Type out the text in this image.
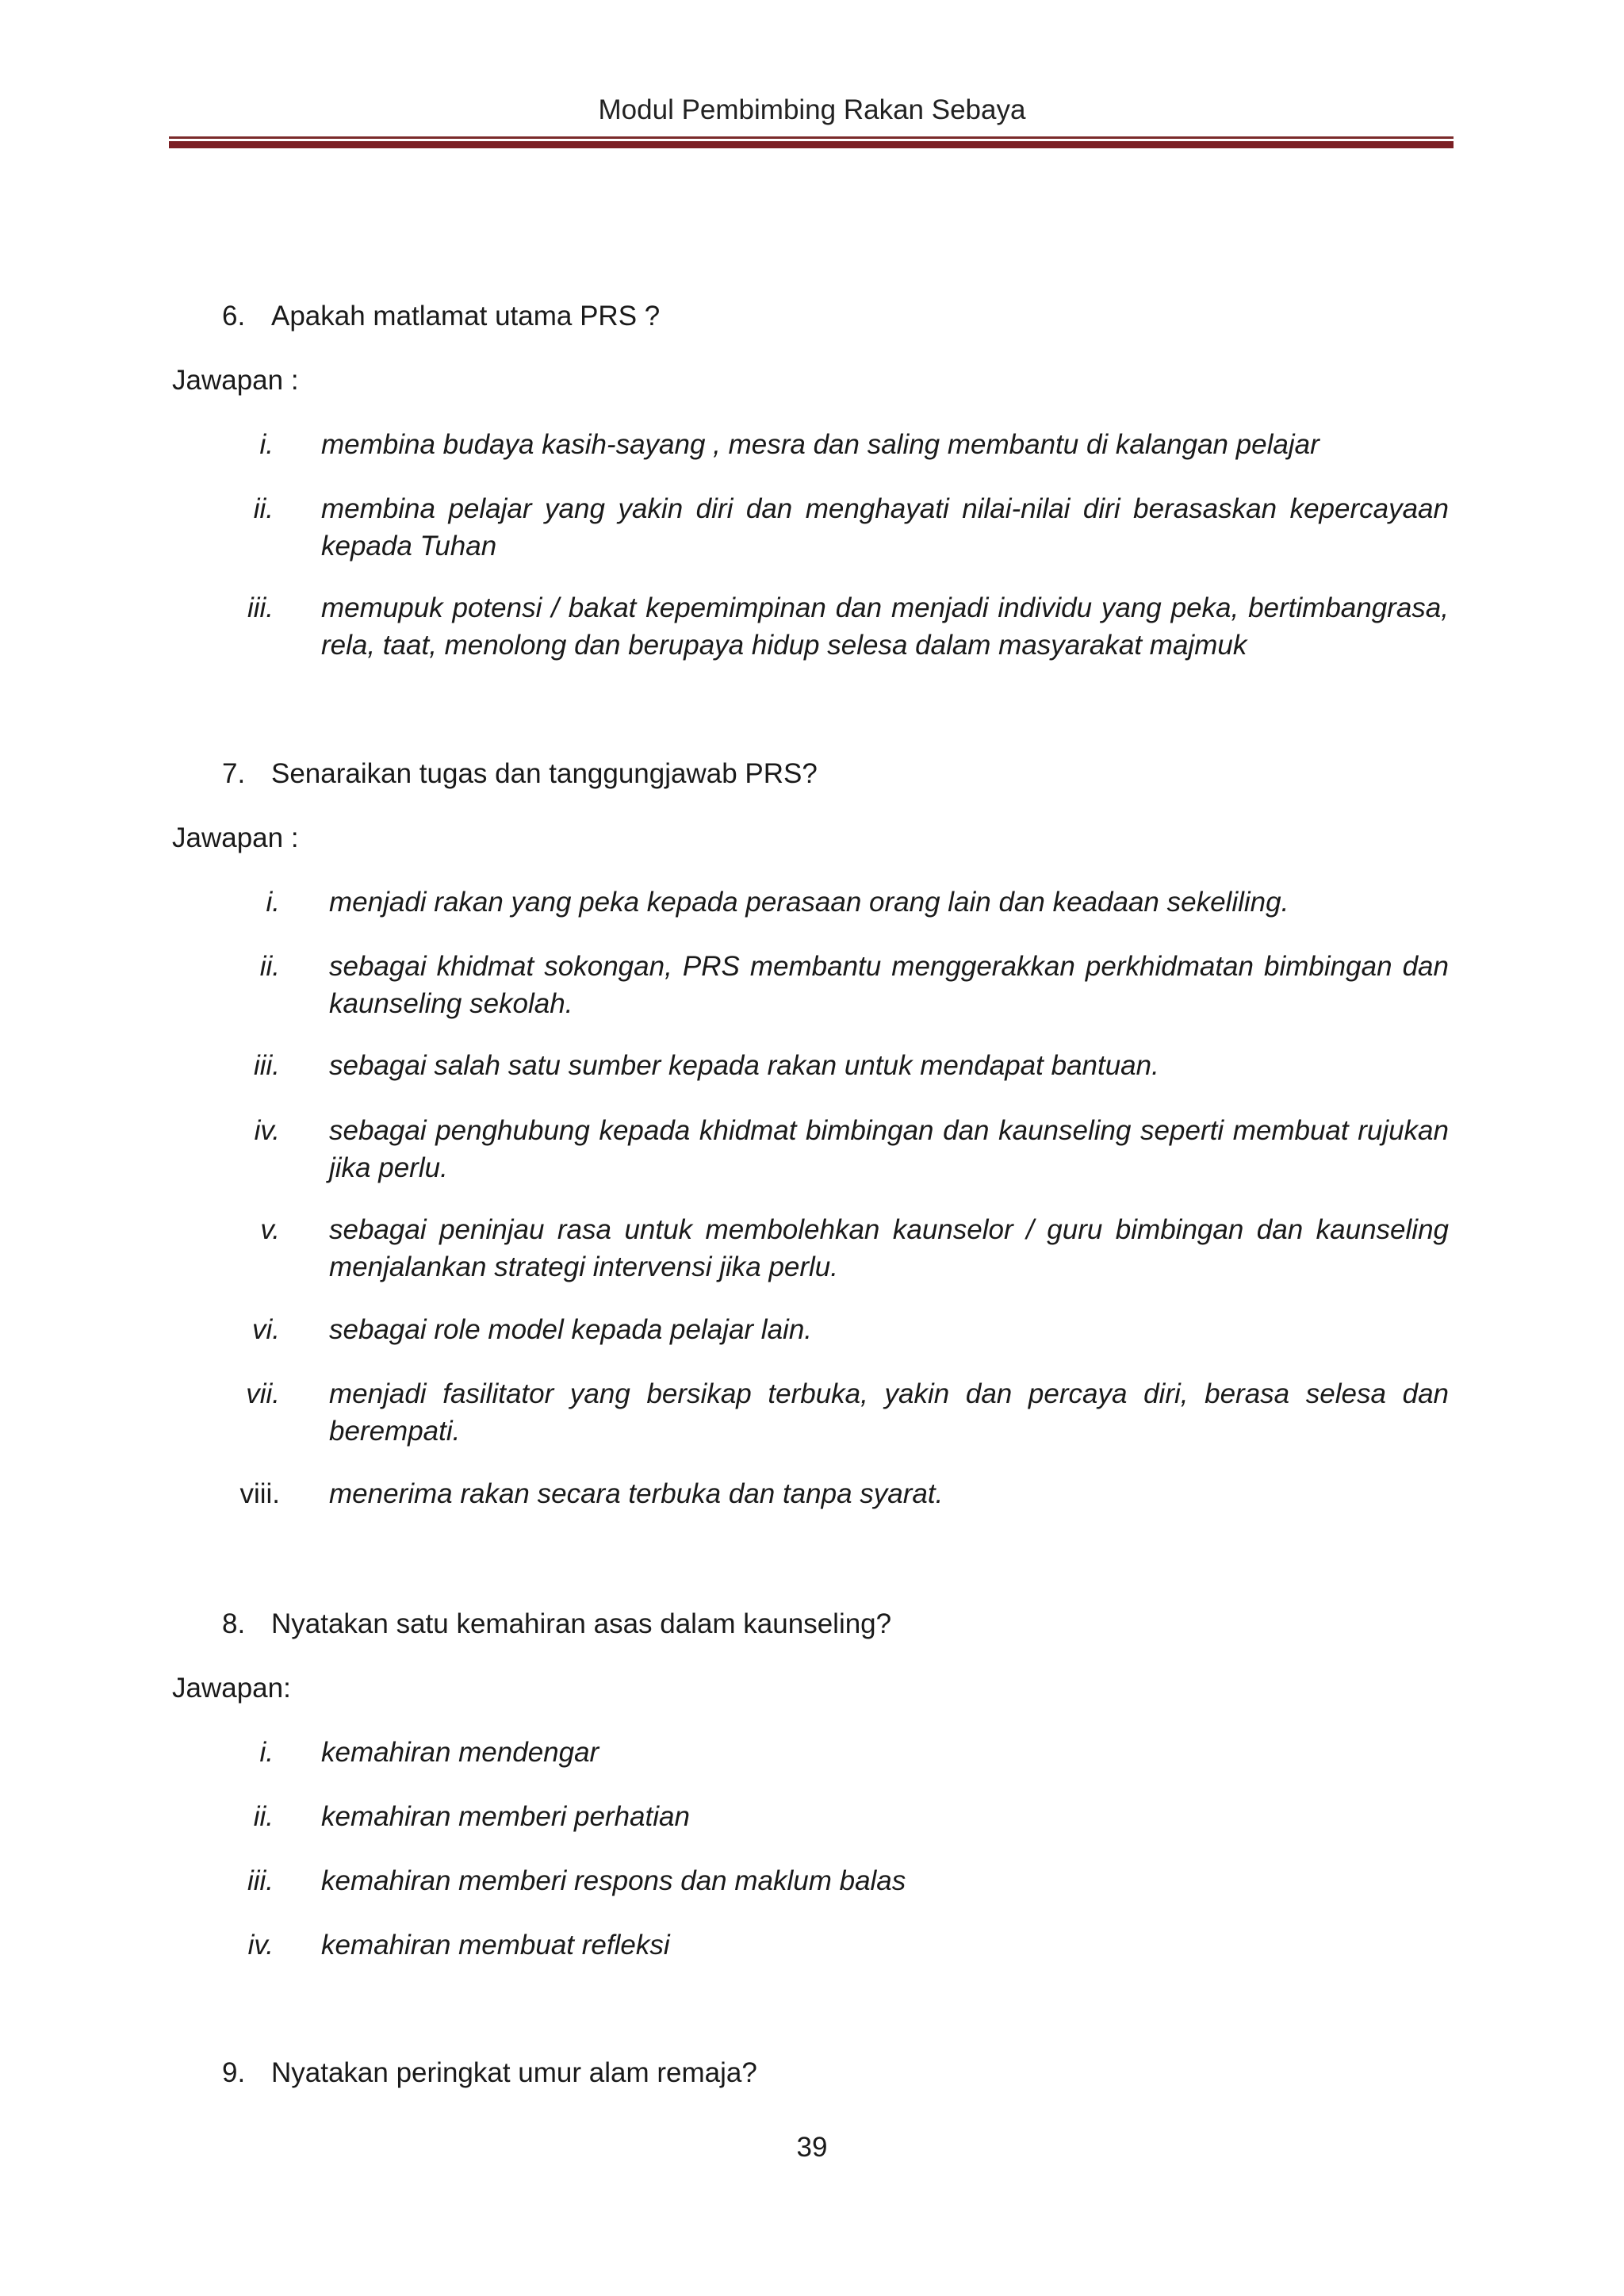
Modul Pembimbing Rakan Sebaya
6. Apakah matlamat utama PRS ?
Jawapan :
i. membina budaya kasih-sayang , mesra dan saling membantu di kalangan pelajar
ii. membina pelajar yang yakin diri dan menghayati nilai-nilai diri berasaskan kepercayaan kepada Tuhan
iii. memupuk potensi / bakat kepemimpinan dan menjadi individu yang peka, bertimbangrasa, rela, taat, menolong dan berupaya hidup selesa dalam masyarakat majmuk
7. Senaraikan tugas dan tanggungjawab PRS?
Jawapan :
i. menjadi rakan yang peka kepada perasaan orang lain dan keadaan sekeliling.
ii. sebagai khidmat sokongan, PRS membantu menggerakkan perkhidmatan bimbingan dan kaunseling sekolah.
iii. sebagai salah satu sumber kepada rakan untuk mendapat bantuan.
iv. sebagai penghubung kepada khidmat bimbingan dan kaunseling seperti membuat rujukan jika perlu.
v. sebagai peninjau rasa untuk membolehkan kaunselor / guru bimbingan dan kaunseling menjalankan strategi intervensi jika perlu.
vi. sebagai role model kepada pelajar lain.
vii. menjadi fasilitator yang bersikap terbuka, yakin dan percaya diri, berasa selesa dan berempati.
viii. menerima rakan secara terbuka dan tanpa syarat.
8. Nyatakan satu kemahiran asas dalam kaunseling?
Jawapan:
i. kemahiran mendengar
ii. kemahiran memberi perhatian
iii. kemahiran memberi respons dan maklum balas
iv. kemahiran membuat refleksi
9. Nyatakan peringkat umur alam remaja?
39
